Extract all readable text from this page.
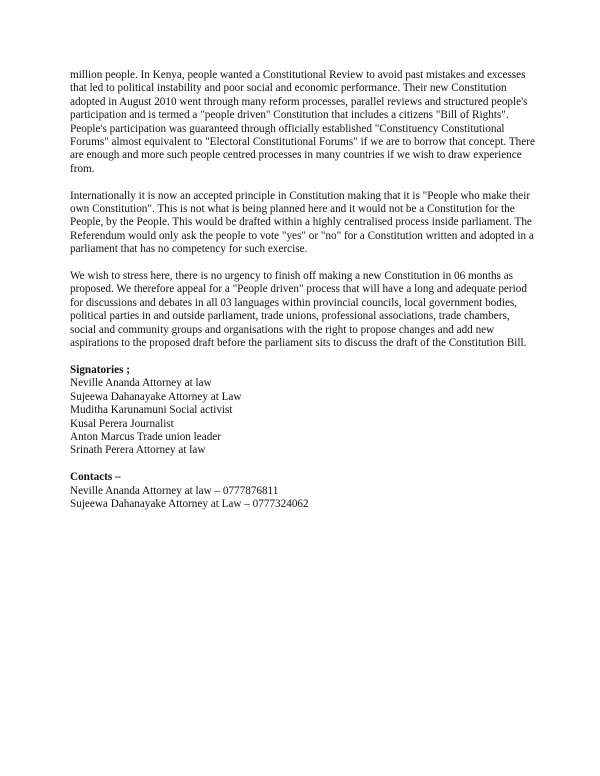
million people. In Kenya, people wanted a Constitutional Review to avoid past mistakes and excesses that led to political instability and poor social and economic performance. Their new Constitution adopted in August 2010 went through many reform processes, parallel reviews and structured people's participation and is termed a "people driven" Constitution that includes a citizens "Bill of Rights". People's participation was guaranteed through officially established "Constituency Constitutional Forums" almost equivalent to "Electoral Constitutional Forums" if we are to borrow that concept. There are enough and more such people centred processes in many countries if we wish to draw experience from.

Internationally it is now an accepted principle in Constitution making that it is "People who make their own Constitution". This is not what is being planned here and it would not be a Constitution for the People, by the People. This would be drafted within a highly centralised process inside parliament. The Referendum would only ask the people to vote "yes" or "no" for a Constitution written and adopted in a parliament that has no competency for such exercise.

We wish to stress here, there is no urgency to finish off making a new Constitution in 06 months as proposed. We therefore appeal for a "People driven" process that will have a long and adequate period for discussions and debates in all 03 languages within provincial councils, local government bodies, political parties in and outside parliament, trade unions, professional associations, trade chambers, social and community groups and organisations with the right to propose changes and add new aspirations to the proposed draft before the parliament sits to discuss the draft of the Constitution Bill.

Signatories ;

Neville Ananda Attorney at law

Sujeewa Dahanayake Attorney at Law

Muditha Karunamuni Social activist

Kusal Perera Journalist

Anton Marcus Trade union leader

Srinath Perera Attorney at law

Contacts –

Neville Ananda Attorney at law – 0777876811

Sujeewa Dahanayake Attorney at Law – 0777324062
